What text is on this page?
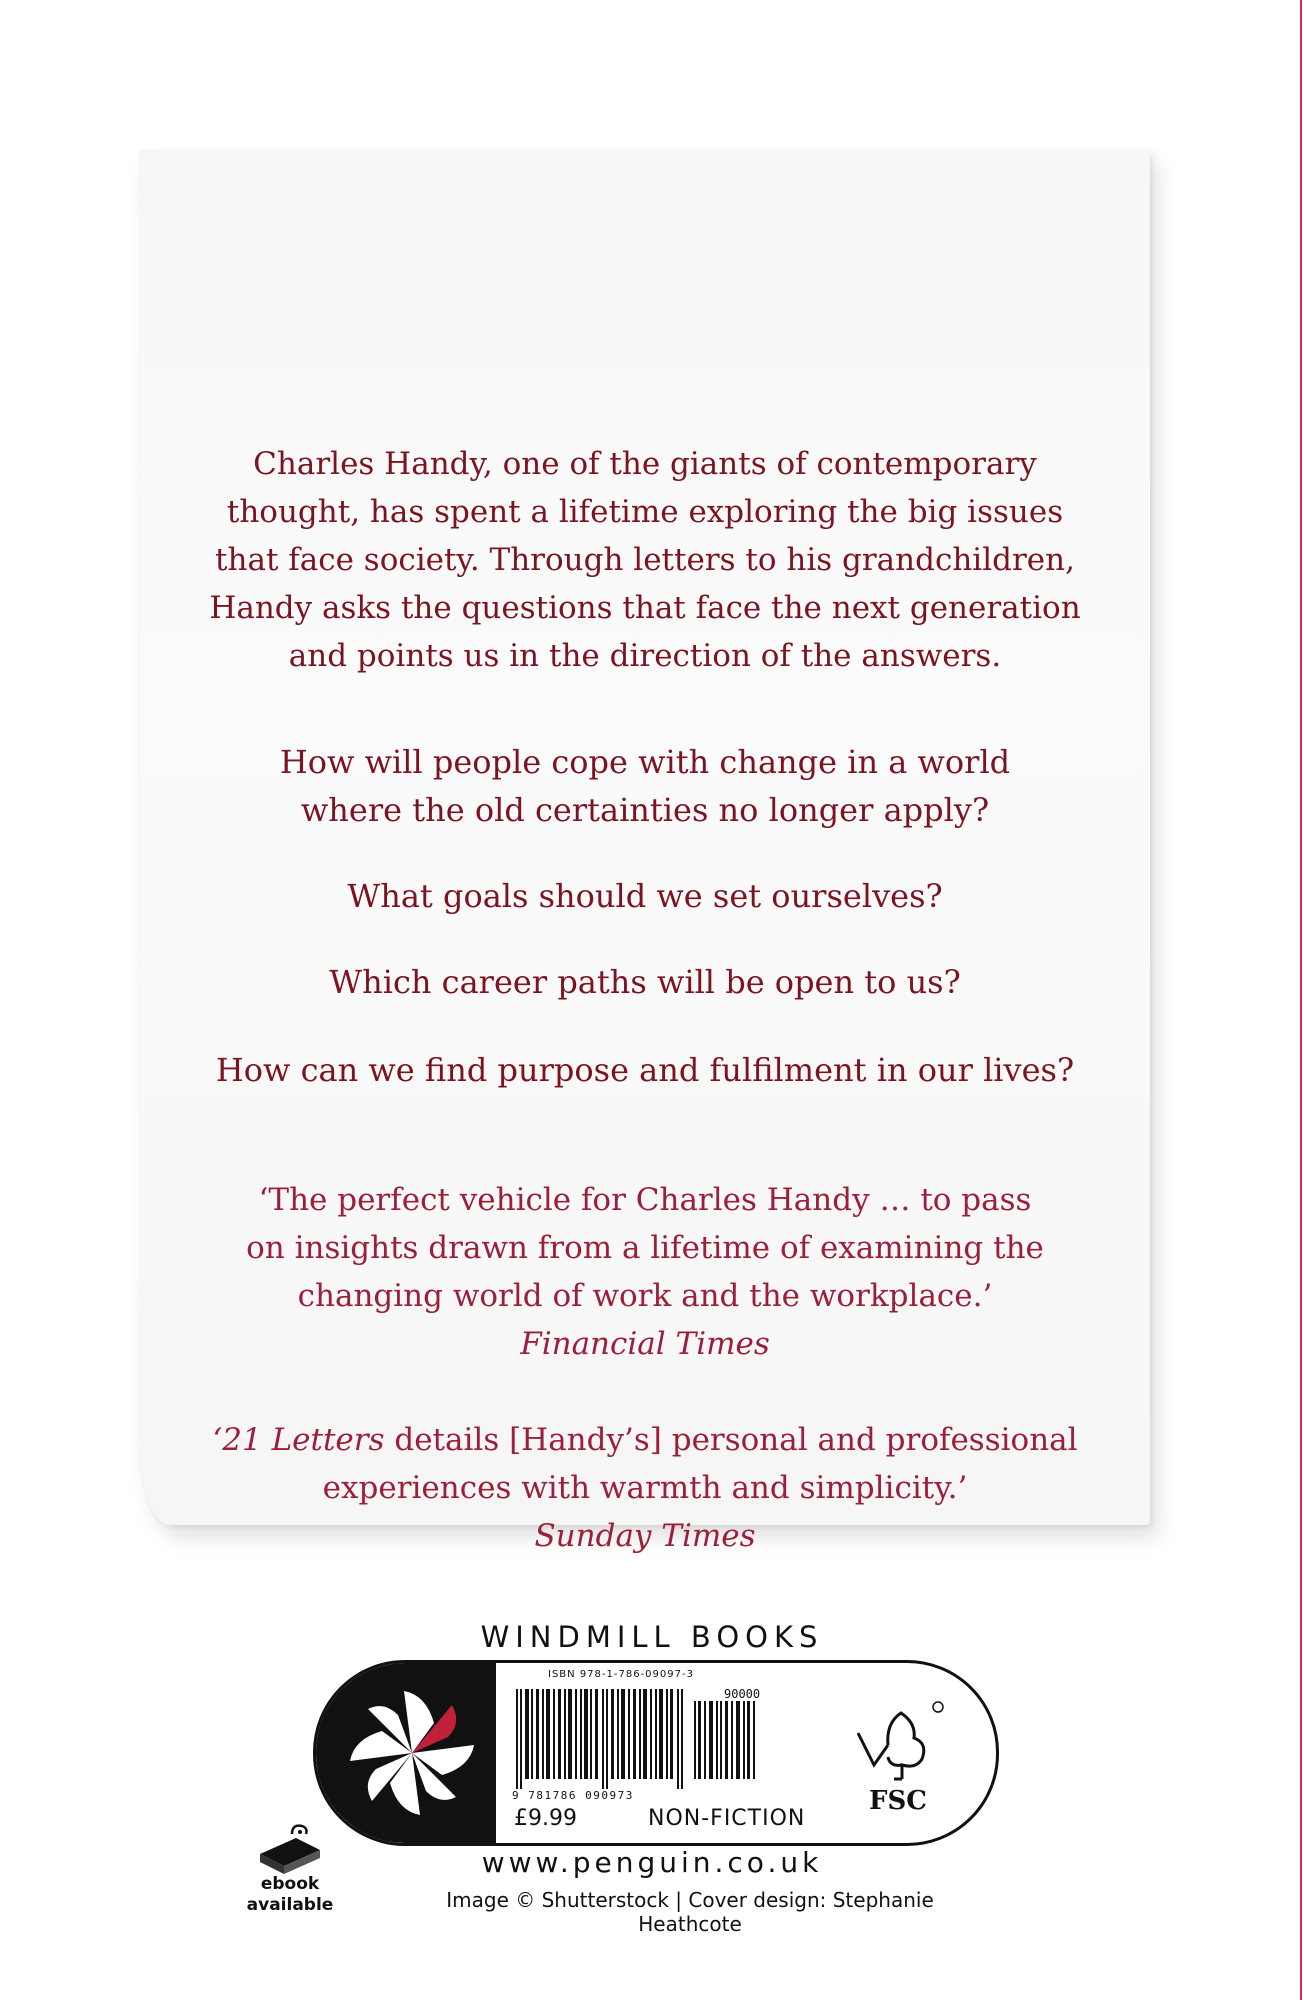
Charles Handy, one of the giants of contemporary
thought, has spent a lifetime exploring the big issues
that face society. Through letters to his grandchildren,
Handy asks the questions that face the next generation
and points us in the direction of the answers.
How will people cope with change in a world
where the old certainties no longer apply?
What goals should we set ourselves?
Which career paths will be open to us?
How can we find purpose and fulfilment in our lives?
‘The perfect vehicle for Charles Handy … to pass
on insights drawn from a lifetime of examining the
changing world of work and the workplace.’
Financial Times
‘21 Letters details [Handy’s] personal and professional
experiences with warmth and simplicity.’
Sunday Times
WINDMILL BOOKS
ISBN 978-1-786-09097-3
90000
9 781786 090973
£9.99	NON-FICTION
FSC
ebook
available
www.penguin.co.uk
Image © Shutterstock | Cover design: Stephanie Heathcote
